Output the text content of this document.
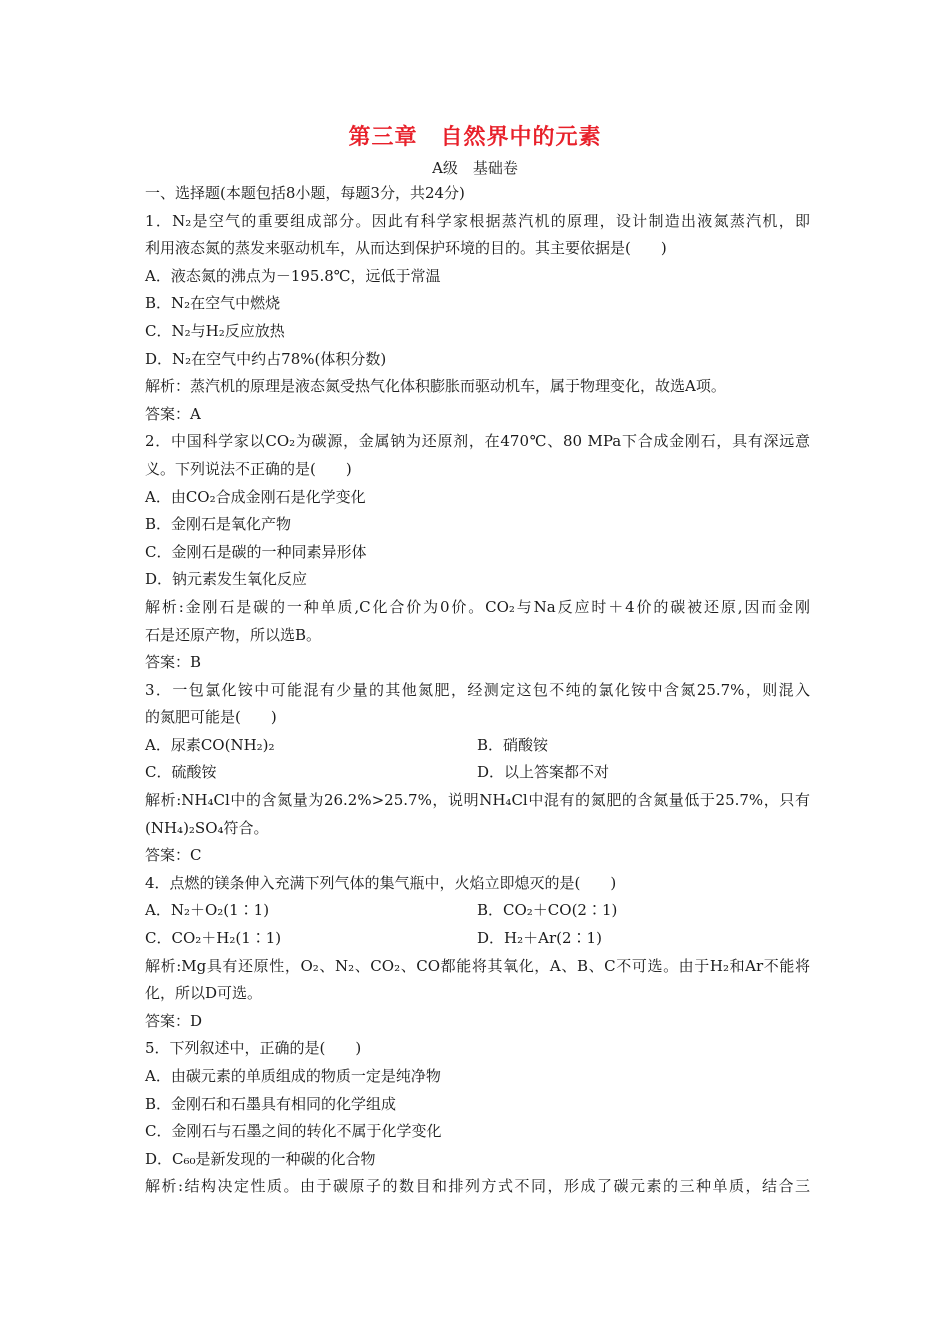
第三章　自然界中的元素
A级　基础卷
一、选择题(本题包括8小题，每题3分，共24分)
1．N₂是空气的重要组成部分。因此有科学家根据蒸汽机的原理，设计制造出液氮蒸汽机，即
利用液态氮的蒸发来驱动机车，从而达到保护环境的目的。其主要依据是(　　)
A．液态氮的沸点为－195.8℃，远低于常温
B．N₂在空气中燃烧
C．N₂与H₂反应放热
D．N₂在空气中约占78%(体积分数)
解析：蒸汽机的原理是液态氮受热气化体积膨胀而驱动机车，属于物理变化，故选A项。
答案：A
2．中国科学家以CO₂为碳源，金属钠为还原剂，在470℃、80 MPa下合成金刚石，具有深远意
义。下列说法不正确的是(　　)
A．由CO₂合成金刚石是化学变化
B．金刚石是氧化产物
C．金刚石是碳的一种同素异形体
D．钠元素发生氧化反应
解析:金刚石是碳的一种单质,C化合价为0价。CO₂与Na反应时＋4价的碳被还原,因而金刚
石是还原产物，所以选B。
答案：B
3．一包氯化铵中可能混有少量的其他氮肥，经测定这包不纯的氯化铵中含氮25.7%，则混入
的氮肥可能是(　　)
A．尿素CO(NH₂)₂	B．硝酸铵
C．硫酸铵	D．以上答案都不对
解析:NH₄Cl中的含氮量为26.2%>25.7%，说明NH₄Cl中混有的氮肥的含氮量低于25.7%，只有
(NH₄)₂SO₄符合。
答案：C
4．点燃的镁条伸入充满下列气体的集气瓶中，火焰立即熄灭的是(　　)
A．N₂＋O₂(1∶1)	B．CO₂＋CO(2∶1)
C．CO₂＋H₂(1∶1)	D．H₂＋Ar(2∶1)
解析:Mg具有还原性，O₂、N₂、CO₂、CO都能将其氧化，A、B、C不可选。由于H₂和Ar不能将
化，所以D可选。
答案：D
5．下列叙述中，正确的是(　　)
A．由碳元素的单质组成的物质一定是纯净物
B．金刚石和石墨具有相同的化学组成
C．金刚石与石墨之间的转化不属于化学变化
D．C₆₀是新发现的一种碳的化合物
解析:结构决定性质。由于碳原子的数目和排列方式不同，形成了碳元素的三种单质，结合三
